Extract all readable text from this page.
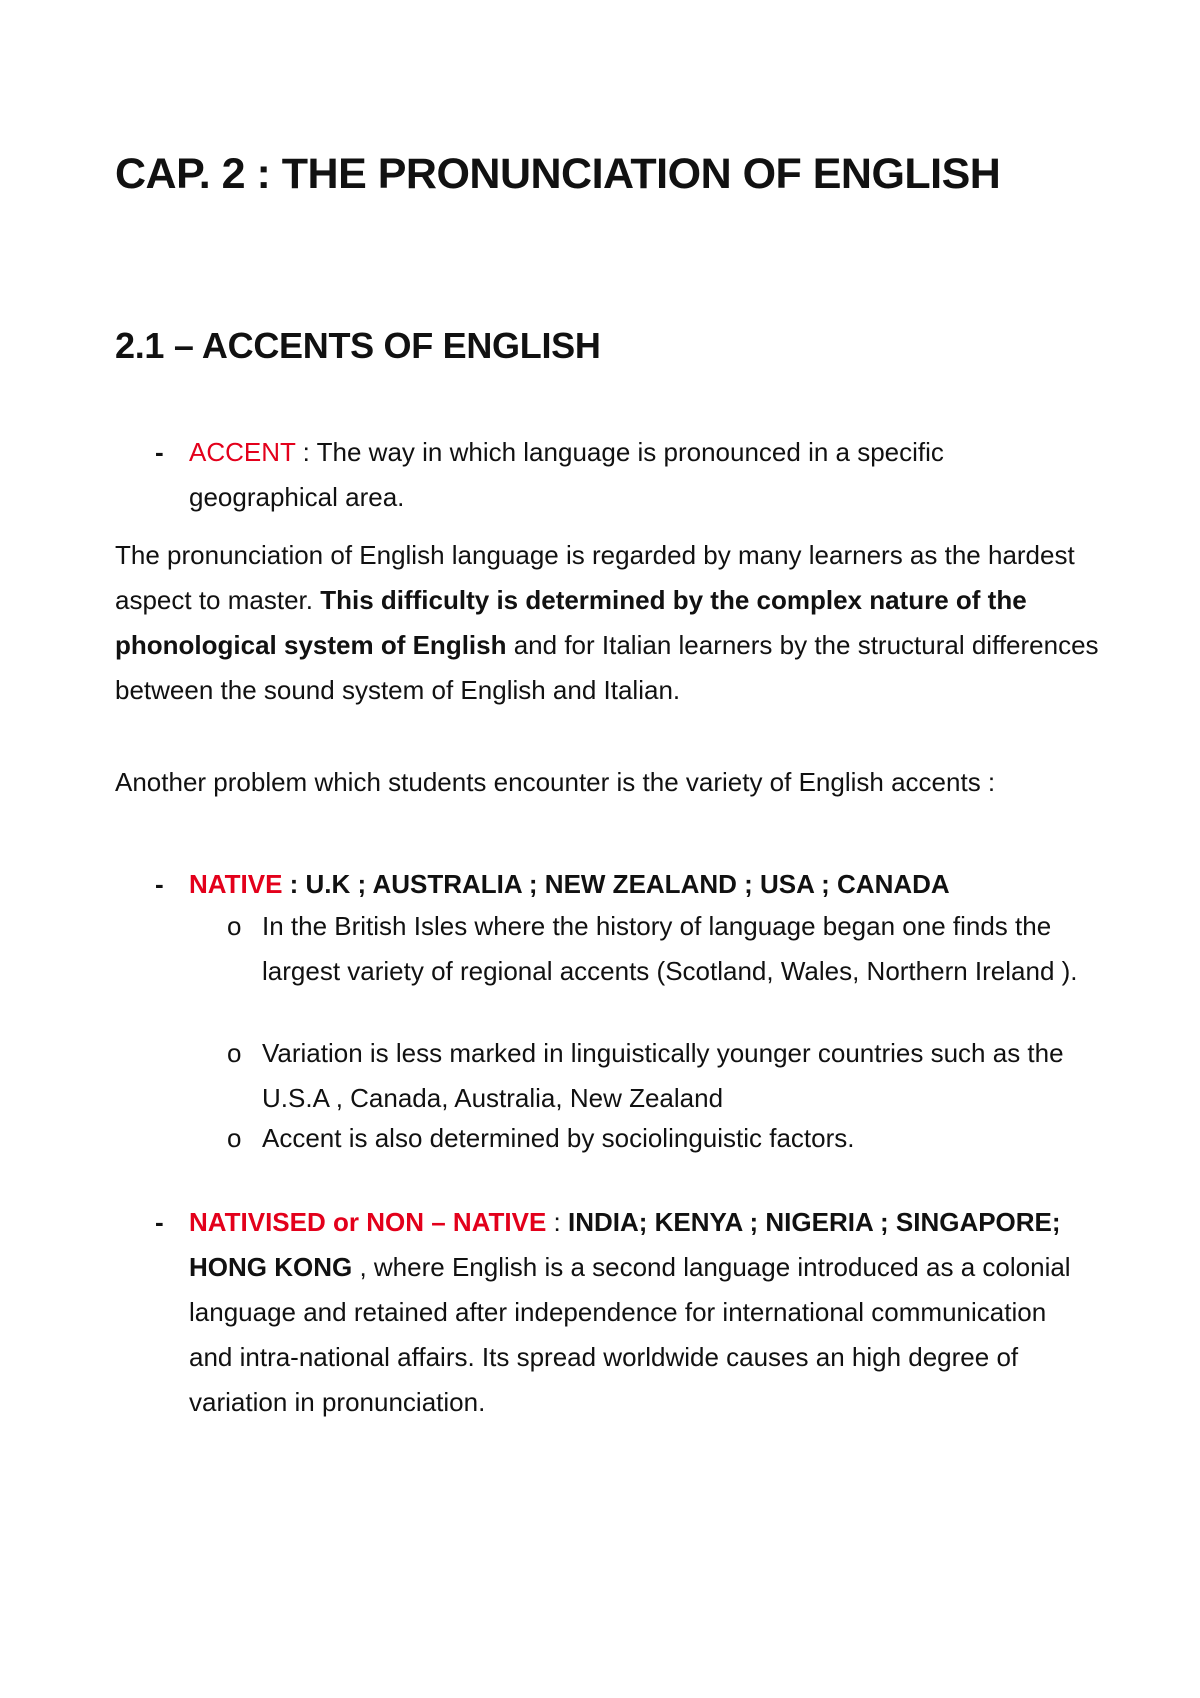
CAP. 2 : THE PRONUNCIATION OF ENGLISH
2.1 – ACCENTS OF ENGLISH
- ACCENT : The way in which language is pronounced in a specific geographical area.

The pronunciation of English language is regarded by many learners as the hardest aspect to master. This difficulty is determined by the complex nature of the phonological system of English and for Italian learners by the structural differences between the sound system of English and Italian.

Another problem which students encounter is the variety of English accents :

- NATIVE : U.K ; AUSTRALIA ; NEW ZEALAND ; USA ; CANADA

o In the British Isles where the history of language began one finds the largest variety of regional accents (Scotland, Wales, Northern Ireland ).

o Variation is less marked in linguistically younger countries such as the U.S.A , Canada, Australia, New Zealand

o Accent is also determined by sociolinguistic factors.

- NATIVISED or NON – NATIVE : INDIA; KENYA ; NIGERIA ; SINGAPORE; HONG KONG , where English is a second language introduced as a colonial language and retained after independence for international communication and intra-national affairs. Its spread worldwide causes an high degree of variation in pronunciation.
